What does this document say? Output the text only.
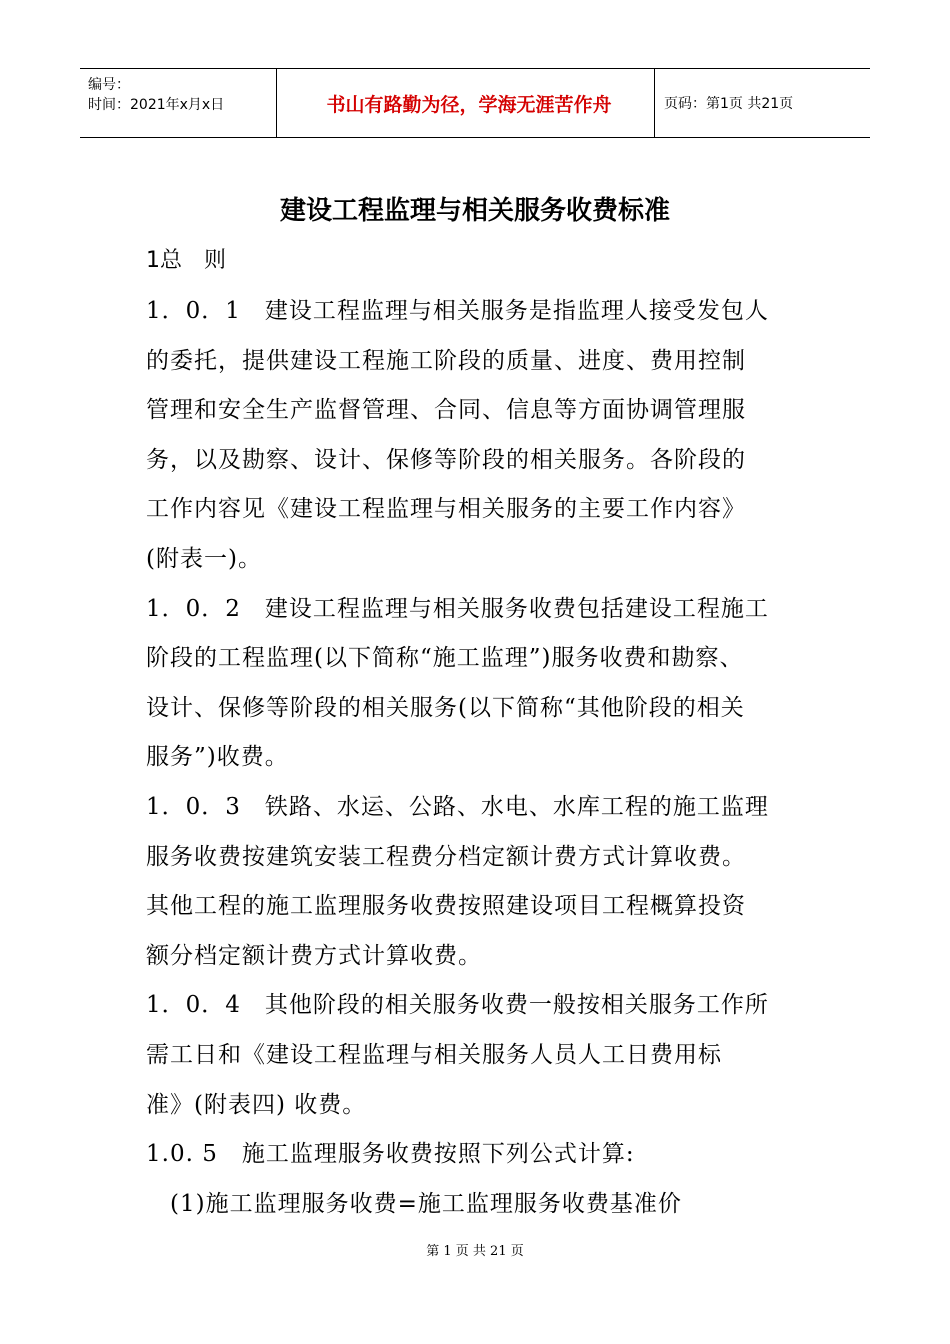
编号：
时间：2021年x月x日	书山有路勤为径，学海无涯苦作舟	页码：第1页 共21页
建设工程监理与相关服务收费标准
1总　则
1．0．1　建设工程监理与相关服务是指监理人接受发包人
的委托，提供建设工程施工阶段的质量、进度、费用控制
管理和安全生产监督管理、合同、信息等方面协调管理服
务，以及勘察、设计、保修等阶段的相关服务。各阶段的
工作内容见《建设工程监理与相关服务的主要工作内容》
(附表一)。
1．0．2　建设工程监理与相关服务收费包括建设工程施工
阶段的工程监理(以下简称“施工监理”)服务收费和勘察、
设计、保修等阶段的相关服务(以下简称“其他阶段的相关
服务”)收费。
1．0．3　铁路、水运、公路、水电、水库工程的施工监理
服务收费按建筑安装工程费分档定额计费方式计算收费。
其他工程的施工监理服务收费按照建设项目工程概算投资
额分档定额计费方式计算收费。
1．0．4　其他阶段的相关服务收费一般按相关服务工作所
需工日和《建设工程监理与相关服务人员人工日费用标
准》(附表四) 收费。
1.0. 5　施工监理服务收费按照下列公式计算:
　(1)施工监理服务收费=施工监理服务收费基准价
第 1 页 共 21 页
